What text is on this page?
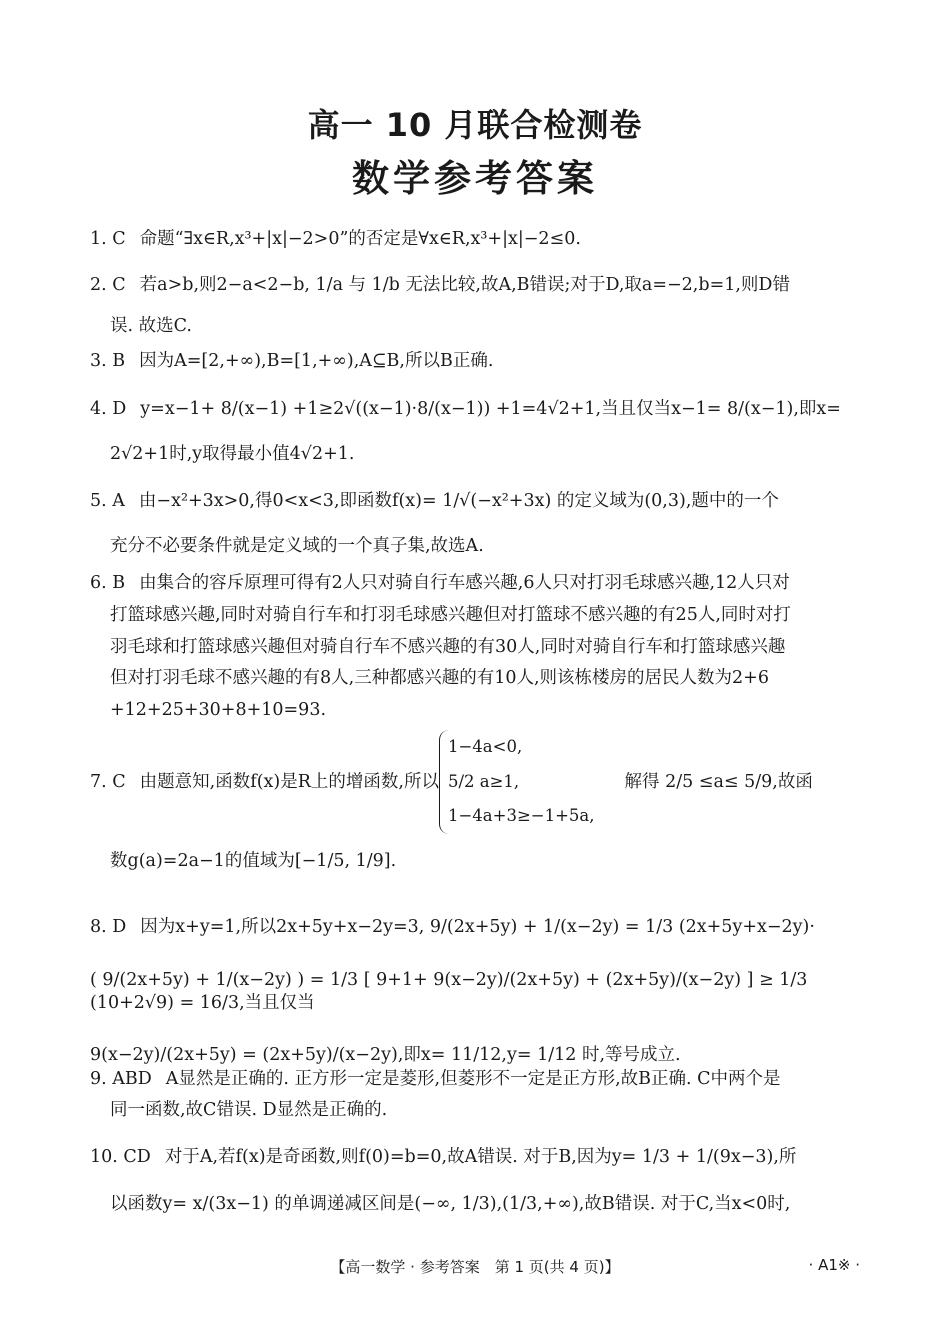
高一 10 月联合检测卷
数学参考答案

1. C 命题“∃x∈R,x³+|x|−2>0”的否定是∀x∈R,x³+|x|−2≤0.

2. C 若a>b,则2−a<2−b, 1/a 与 1/b 无法比较,故A,B错误;对于D,取a=−2,b=1,则D错

误. 故选C.

3. B 因为A=[2,+∞),B=[1,+∞),A⊆B,所以B正确.

4. D y=x−1+ 8/(x−1) +1≥2√((x−1)·8/(x−1)) +1=4√2+1,当且仅当x−1= 8/(x−1),即x=

2√2+1时,y取得最小值4√2+1.

5. A 由−x²+3x>0,得0<x<3,即函数f(x)= 1/√(−x²+3x) 的定义域为(0,3),题中的一个

充分不必要条件就是定义域的一个真子集,故选A.

6. B 由集合的容斥原理可得有2人只对骑自行车感兴趣,6人只对打羽毛球感兴趣,12人只对

打篮球感兴趣,同时对骑自行车和打羽毛球感兴趣但对打篮球不感兴趣的有25人,同时对打

羽毛球和打篮球感兴趣但对骑自行车不感兴趣的有30人,同时对骑自行车和打篮球感兴趣

但对打羽毛球不感兴趣的有8人,三种都感兴趣的有10人,则该栋楼房的居民人数为2+6

+12+25+30+8+10=93.

7. C 由题意知,函数f(x)是R上的增函数,所以
1−4a<0,
5/2 a≥1,
1−4a+3≥−1+5a,
解得 2/5 ≤a≤ 5/9,故函

数g(a)=2a−1的值域为[−1/5, 1/9].

8. D 因为x+y=1,所以2x+5y+x−2y=3, 9/(2x+5y) + 1/(x−2y) = 1/3 (2x+5y+x−2y)·

( 9/(2x+5y) + 1/(x−2y) ) = 1/3 [ 9+1+ 9(x−2y)/(2x+5y) + (2x+5y)/(x−2y) ] ≥ 1/3 (10+2√9) = 16/3,当且仅当

9(x−2y)/(2x+5y) = (2x+5y)/(x−2y),即x= 11/12,y= 1/12 时,等号成立.

9. ABD A显然是正确的. 正方形一定是菱形,但菱形不一定是正方形,故B正确. C中两个是

同一函数,故C错误. D显然是正确的.

10. CD 对于A,若f(x)是奇函数,则f(0)=b=0,故A错误. 对于B,因为y= 1/3 + 1/(9x−3),所

以函数y= x/(3x−1) 的单调递减区间是(−∞, 1/3),(1/3,+∞),故B错误. 对于C,当x<0时,

【高一数学 · 参考答案　第 1 页(共 4 页)】	· A1※ ·
